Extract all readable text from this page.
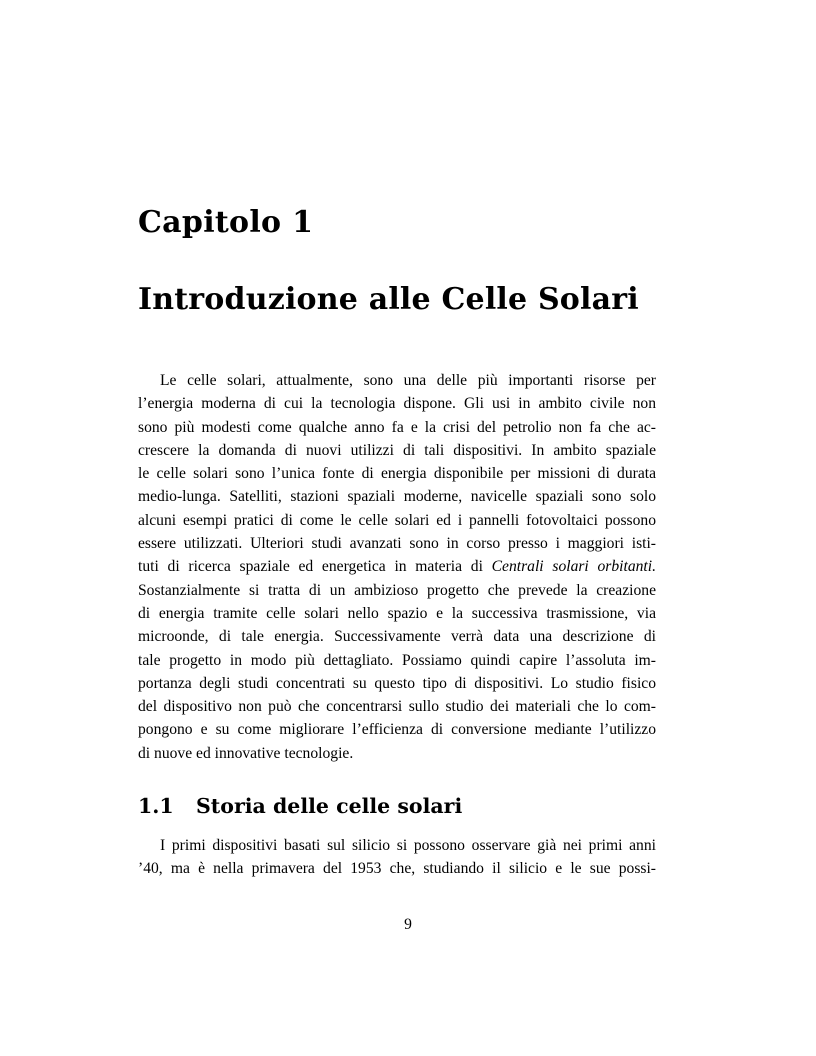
Capitolo 1
Introduzione alle Celle Solari
Le celle solari, attualmente, sono una delle più importanti risorse per
l’energia moderna di cui la tecnologia dispone. Gli usi in ambito civile non
sono più modesti come qualche anno fa e la crisi del petrolio non fa che ac-
crescere la domanda di nuovi utilizzi di tali dispositivi. In ambito spaziale
le celle solari sono l’unica fonte di energia disponibile per missioni di durata
medio-lunga. Satelliti, stazioni spaziali moderne, navicelle spaziali sono solo
alcuni esempi pratici di come le celle solari ed i pannelli fotovoltaici possono
essere utilizzati. Ulteriori studi avanzati sono in corso presso i maggiori isti-
tuti di ricerca spaziale ed energetica in materia di Centrali solari orbitanti.
Sostanzialmente si tratta di un ambizioso progetto che prevede la creazione
di energia tramite celle solari nello spazio e la successiva trasmissione, via
microonde, di tale energia. Successivamente verrà data una descrizione di
tale progetto in modo più dettagliato. Possiamo quindi capire l’assoluta im-
portanza degli studi concentrati su questo tipo di dispositivi. Lo studio fisico
del dispositivo non può che concentrarsi sullo studio dei materiali che lo com-
pongono e su come migliorare l’efficienza di conversione mediante l’utilizzo
di nuove ed innovative tecnologie.
1.1 Storia delle celle solari
I primi dispositivi basati sul silicio si possono osservare già nei primi anni
’40, ma è nella primavera del 1953 che, studiando il silicio e le sue possi-
9
